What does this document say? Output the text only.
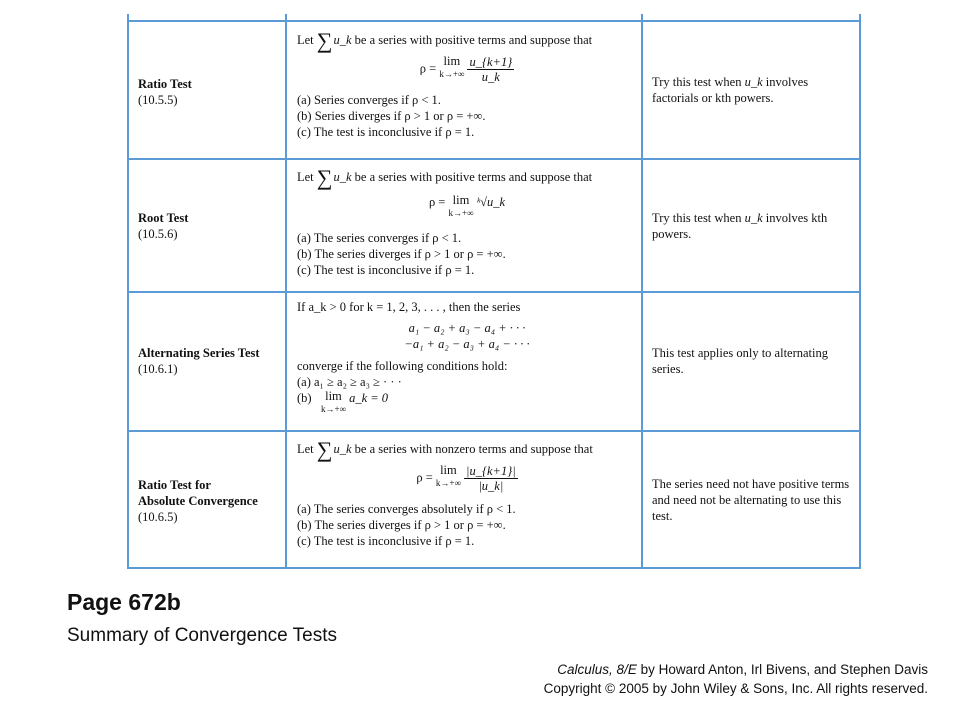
Ratio Test
(10.5.5)
Let ∑u_k be a series with positive terms and suppose that
ρ = lim
k→+∞
$\frac{u\_\{k+1\}}{u\_k}$
(a) Series converges if ρ < 1.
(b) Series diverges if ρ > 1 or ρ = +∞.
(c) The test is inconclusive if ρ = 1.
Try this test when u_k involves factorials or kth powers.
Root Test
(10.5.6)
Let ∑u_k be a series with positive terms and suppose that
ρ = lim
k→+∞
ᵏ√u_k
(a) The series converges if ρ < 1.
(b) The series diverges if ρ > 1 or ρ = +∞.
(c) The test is inconclusive if ρ = 1.
Try this test when u_k involves kth powers.
Alternating Series Test
(10.6.1)
If a_k > 0 for k = 1, 2, 3, . . . , then the series
a₁ − a₂ + a₃ − a₄ + · · ·
−a₁ + a₂ − a₃ + a₄ − · · ·
converge if the following conditions hold:
(a) a₁ ≥ a₂ ≥ a₃ ≥ · · ·
(b) lim
k→+∞
a_k = 0
This test applies only to alternating series.
Ratio Test for
Absolute Convergence
(10.6.5)
Let ∑u_k be a series with nonzero terms and suppose that
ρ = lim
k→+∞
$\frac{|u\_\{k+1\}|}{|u\_k|}$
(a) The series converges absolutely if ρ < 1.
(b) The series diverges if ρ > 1 or ρ = +∞.
(c) The test is inconclusive if ρ = 1.
The series need not have positive terms and need not be alternating to use this test.
Page 672b
Summary of Convergence Tests
Calculus, 8/E by Howard Anton, Irl Bivens, and Stephen Davis
Copyright © 2005 by John Wiley & Sons, Inc. All rights reserved.
